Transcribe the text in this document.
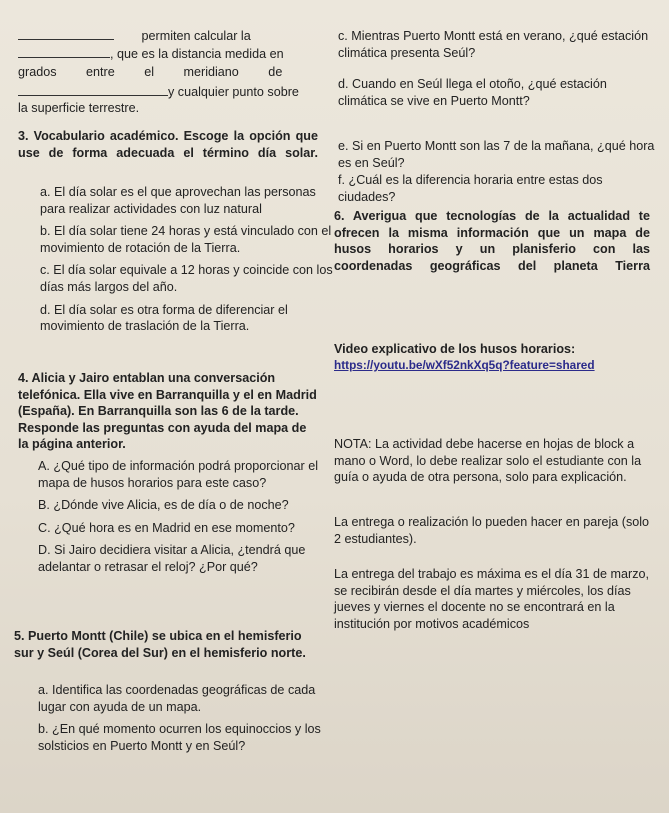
permiten calcular la
, que es la distancia medida en
grados entre el meridiano de
y cualquier punto sobre
la superficie terrestre.
3. Vocabulario académico. Escoge la opción que use de forma adecuada el término día solar.
a. El día solar es el que aprovechan las personas para realizar actividades con luz natural
b. El día solar tiene 24 horas y está vinculado con el movimiento de rotación de la Tierra.
c. El día solar equivale a 12 horas y coincide con los días más largos del año.
d. El día solar es otra forma de diferenciar el movimiento de traslación de la Tierra.
4. Alicia y Jairo entablan una conversación telefónica. Ella vive en Barranquilla y el en Madrid (España). En Barranquilla son las 6 de la tarde. Responde las preguntas con ayuda del mapa de la página anterior.
A. ¿Qué tipo de información podrá proporcionar el mapa de husos horarios para este caso?
B. ¿Dónde vive Alicia, es de día o de noche?
C. ¿Qué hora es en Madrid en ese momento?
D. Si Jairo decidiera visitar a Alicia, ¿tendrá que adelantar o retrasar el reloj? ¿Por qué?
5. Puerto Montt (Chile) se ubica en el hemisferio sur y Seúl (Corea del Sur) en el hemisferio norte.
a. Identifica las coordenadas geográficas de cada lugar con ayuda de un mapa.
b. ¿En qué momento ocurren los equinoccios y los solsticios en Puerto Montt y en Seúl?
c. Mientras Puerto Montt está en verano, ¿qué estación climática presenta Seúl?
d. Cuando en Seúl llega el otoño, ¿qué estación climática se vive en Puerto Montt?
e. Si en Puerto Montt son las 7 de la mañana, ¿qué hora es en Seúl?
f. ¿Cuál es la diferencia horaria entre estas dos ciudades?
6. Averigua que tecnologías de la actualidad te ofrecen la misma información que un mapa de husos horarios y un planisferio con las coordenadas geográficas del planeta Tierra
Video explicativo de los husos horarios:
https://youtu.be/wXf52nkXq5q?feature=shared
NOTA: La actividad debe hacerse en hojas de block a mano o Word, lo debe realizar solo el estudiante con la guía o ayuda de otra persona, solo para explicación.
La entrega o realización lo pueden hacer en pareja (solo 2 estudiantes).
La entrega del trabajo es máxima es el día 31 de marzo, se recibirán desde el día martes y miércoles, los días jueves y viernes el docente no se encontrará en la institución por motivos académicos
